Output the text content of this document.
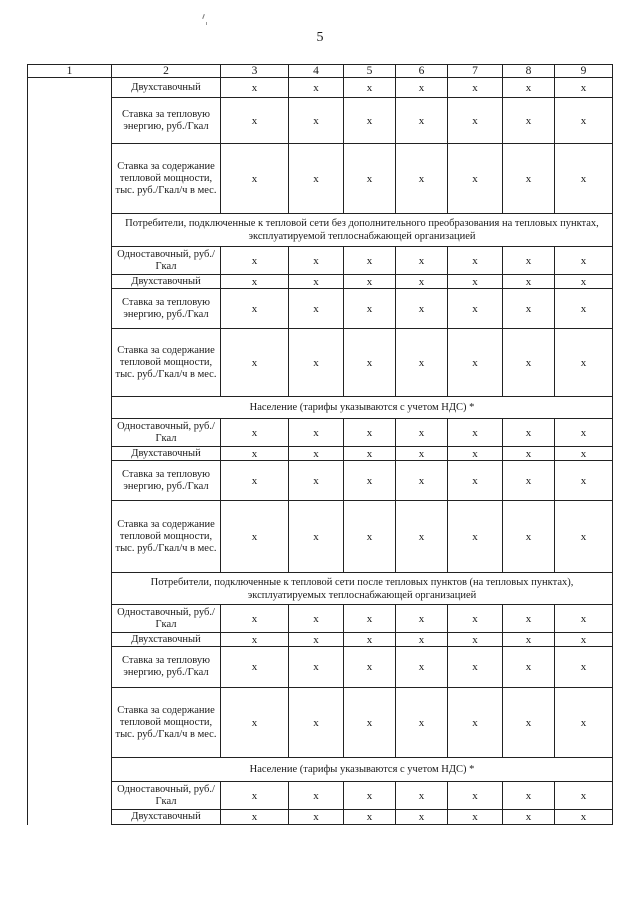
5
1	2	3	4	5	6	7	8	9
	Двухставочный	x	x	x	x	x	x	x
	Ставка за тепловую энергию, руб./Гкал	x	x	x	x	x	x	x
	Ставка за содержание тепловой мощности, тыс. руб./Гкал/ч в мес.	x	x	x	x	x	x	x
	Потребители, подключенные к тепловой сети без дополнительного преобразования на тепловых пунктах, эксплуатируемой теплоснабжающей организацией							
	Одноставочный, руб./Гкал	x	x	x	x	x	x	x
	Двухставочный	x	x	x	x	x	x	x
	Ставка за тепловую энергию, руб./Гкал	x	x	x	x	x	x	x
	Ставка за содержание тепловой мощности, тыс. руб./Гкал/ч в мес.	x	x	x	x	x	x	x
	Население (тарифы указываются с учетом НДС) *							
	Одноставочный, руб./Гкал	x	x	x	x	x	x	x
	Двухставочный	x	x	x	x	x	x	x
	Ставка за тепловую энергию, руб./Гкал	x	x	x	x	x	x	x
	Ставка за содержание тепловой мощности, тыс. руб./Гкал/ч в мес.	x	x	x	x	x	x	x
	Потребители, подключенные к тепловой сети после тепловых пунктов (на тепловых пунктах), эксплуатируемых теплоснабжающей организацией							
	Одноставочный, руб./Гкал	x	x	x	x	x	x	x
	Двухставочный	x	x	x	x	x	x	x
	Ставка за тепловую энергию, руб./Гкал	x	x	x	x	x	x	x
	Ставка за содержание тепловой мощности, тыс. руб./Гкал/ч в мес.	x	x	x	x	x	x	x
	Население (тарифы указываются с учетом НДС) *							
	Одноставочный, руб./Гкал	x	x	x	x	x	x	x
	Двухставочный	x	x	x	x	x	x	x
